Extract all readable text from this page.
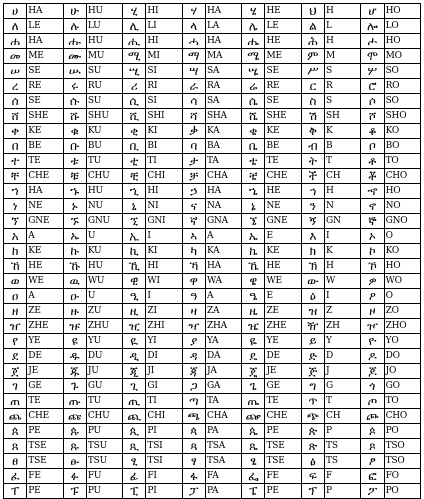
ሀ	HA	ሁ	HU	ሂ	HI	ሃ	HA	ሄ	HE	ህ	H	ሆ	HO
ለ	LE	ሉ	LU	ሊ	LI	ላ	LA	ሌ	LE	ል	L	ሎ	LO
ሐ	HA	ሑ	HU	ሒ	HI	ሓ	HA	ሔ	HE	ሕ	H	ሖ	HO
መ	ME	ሙ	MU	ሚ	MI	ማ	MA	ሜ	ME	ም	M	ሞ	MO
ሠ	SE	ሡ	SU	ሢ	SI	ሣ	SA	ሤ	SE	ሥ	S	ሦ	SO
ረ	RE	ሩ	RU	ሪ	RI	ራ	RA	ሬ	RE	ር	R	ሮ	RO
ሰ	SE	ሱ	SU	ሲ	SI	ሳ	SA	ሴ	SE	ስ	S	ሶ	SO
ሸ	SHE	ሹ	SHU	ሺ	SHI	ሻ	SHA	ሼ	SHE	ሽ	SH	ሾ	SHO
ቀ	KE	ቁ	KU	ቂ	KI	ቃ	KA	ቄ	KE	ቅ	K	ቆ	KO
በ	BE	ቡ	BU	ቢ	BI	ባ	BA	ቤ	BE	ብ	B	ቦ	BO
ተ	TE	ቱ	TU	ቲ	TI	ታ	TA	ቴ	TE	ት	T	ቶ	TO
ቸ	CHE	ቹ	CHU	ቺ	CHI	ቻ	CHA	ቼ	CHE	ች	CH	ቾ	CHO
ኀ	HA	ኁ	HU	ኂ	HI	ኃ	HA	ኄ	HE	ኅ	H	ኆ	HO
ነ	NE	ኑ	NU	ኒ	NI	ና	NA	ኔ	NE	ን	N	ኖ	NO
ኘ	GNE	ኙ	GNU	ኚ	GNI	ኛ	GNA	ኜ	GNE	ኝ	GN	ኞ	GNO
አ	A	ኡ	U	ኢ	I	ኣ	A	ኤ	E	እ	I	ኦ	O
ከ	KE	ኩ	KU	ኪ	KI	ካ	KA	ኬ	KE	ክ	K	ኮ	KO
ኸ	HE	ኹ	HU	ኺ	HI	ኻ	HA	ኼ	HE	ኽ	H	ኾ	HO
ወ	WE	ዉ	WU	ዊ	WI	ዋ	WA	ዌ	WE	ው	W	ዎ	WO
ዐ	A	ዑ	U	ዒ	I	ዓ	A	ዔ	E	ዕ	I	ዖ	O
ዘ	ZE	ዙ	ZU	ዚ	ZI	ዛ	ZA	ዜ	ZE	ዝ	Z	ዞ	ZO
ዠ	ZHE	ዡ	ZHU	ዢ	ZHI	ዣ	ZHA	ዤ	ZHE	ዥ	ZH	ዦ	ZHO
የ	YE	ዩ	YU	ዪ	YI	ያ	YA	ዬ	YE	ይ	Y	ዮ	YO
ደ	DE	ዱ	DU	ዲ	DI	ዳ	DA	ዴ	DE	ድ	D	ዶ	DO
ጀ	JE	ጁ	JU	ጂ	JI	ጃ	JA	ጄ	JE	ጅ	J	ጆ	JO
ገ	GE	ጉ	GU	ጊ	GI	ጋ	GA	ጌ	GE	ግ	G	ጎ	GO
ጠ	TE	ጡ	TU	ጢ	TI	ጣ	TA	ጤ	TE	ጥ	T	ጦ	TO
ጨ	CHE	ጩ	CHU	ጪ	CHI	ጫ	CHA	ጬ	CHE	ጭ	CH	ጮ	CHO
ጰ	PE	ጱ	PU	ጲ	PI	ጳ	PA	ጴ	PE	ጵ	P	ጶ	PO
ጸ	TSE	ጹ	TSU	ጺ	TSI	ጻ	TSA	ጼ	TSE	ጽ	TS	ጾ	TSO
ፀ	TSE	ፁ	TSU	ፂ	TSI	ፃ	TSA	ፄ	TSE	ፅ	TS	ፆ	TSO
ፈ	FE	ፉ	FU	ፊ	FI	ፋ	FA	ፌ	FE	ፍ	F	ፎ	FO
ፐ	PE	ፑ	PU	ፒ	PI	ፓ	PA	ፔ	PE	ፕ	P	ፖ	PO
